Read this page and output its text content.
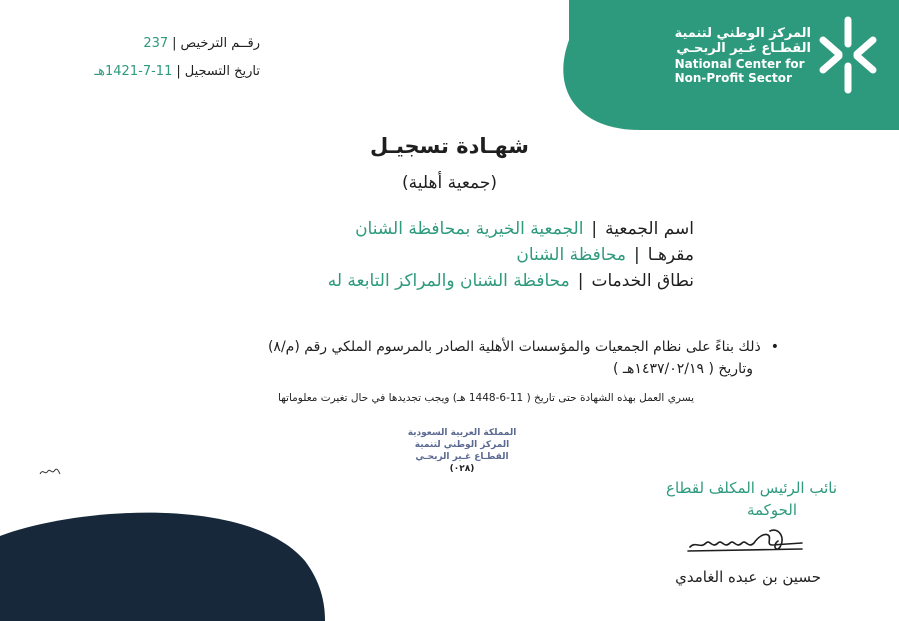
المركز الوطني لتنمية
القطـاع غـير الربحـي
National Center for
Non-Profit Sector
رقــم الترخيص|237
تاريخ التسجيل|11-7-1421هـ
شهـادة تسجيـل
(جمعية أهلية)
اسم الجمعية|الجمعية الخيرية بمحافظة الشنان
مقرهـا|محافظة الشنان
نطاق الخدمات|محافظة الشنان والمراكز التابعة له
•ذلك بناءً على نظام الجمعيات والمؤسسات الأهلية الصادر بالمرسوم الملكي رقم (م/٨)
وتاريخ ( ١٤٣٧/٠٢/١٩هـ )
يسري العمل بهذه الشهادة حتى تاريخ ( 11-6-1448 هـ) ويجب تجديدها في حال تغيرت معلوماتها
المملكة العربية السعودية
المركز الوطني لتنمية
القطـاع غـير الربحـي
(٠٢٨)
نائب الرئيس المكلف لقطاع
الحوكمة
حسين بن عبده الغامدي
